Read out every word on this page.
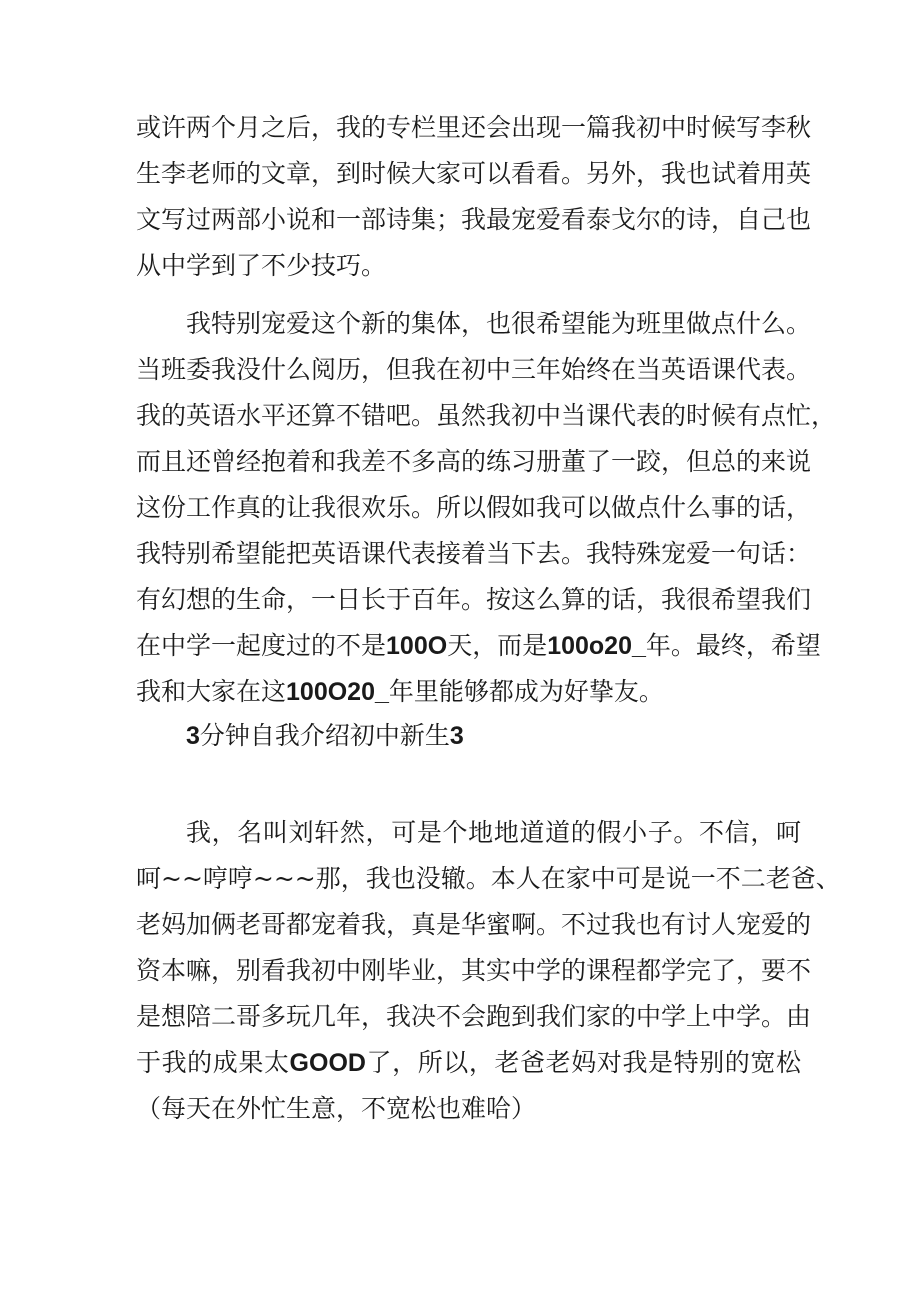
或许两个月之后，我的专栏里还会出现一篇我初中时候写李秋
生李老师的文章，到时候大家可以看看。另外，我也试着用英
文写过两部小说和一部诗集；我最宠爱看泰戈尔的诗，自己也
从中学到了不少技巧。
我特别宠爱这个新的集体，也很希望能为班里做点什么。
当班委我没什么阅历，但我在初中三年始终在当英语课代表。
我的英语水平还算不错吧。虽然我初中当课代表的时候有点忙，
而且还曾经抱着和我差不多高的练习册董了一跤，但总的来说
这份工作真的让我很欢乐。所以假如我可以做点什么事的话，
我特别希望能把英语课代表接着当下去。我特殊宠爱一句话：
有幻想的生命，一日长于百年。按这么算的话，我很希望我们
在中学一起度过的不是100O天，而是100o20_年。最终，希望
我和大家在这100O20_年里能够都成为好挚友。
3分钟自我介绍初中新生3
我，名叫刘轩然，可是个地地道道的假小子。不信，呵
呵~~哼哼~~~那，我也没辙。本人在家中可是说一不二老爸、
老妈加俩老哥都宠着我，真是华蜜啊。不过我也有讨人宠爱的
资本嘛，别看我初中刚毕业，其实中学的课程都学完了，要不
是想陪二哥多玩几年，我决不会跑到我们家的中学上中学。由
于我的成果太GOOD了，所以，老爸老妈对我是特别的宽松
（每天在外忙生意，不宽松也难哈）
